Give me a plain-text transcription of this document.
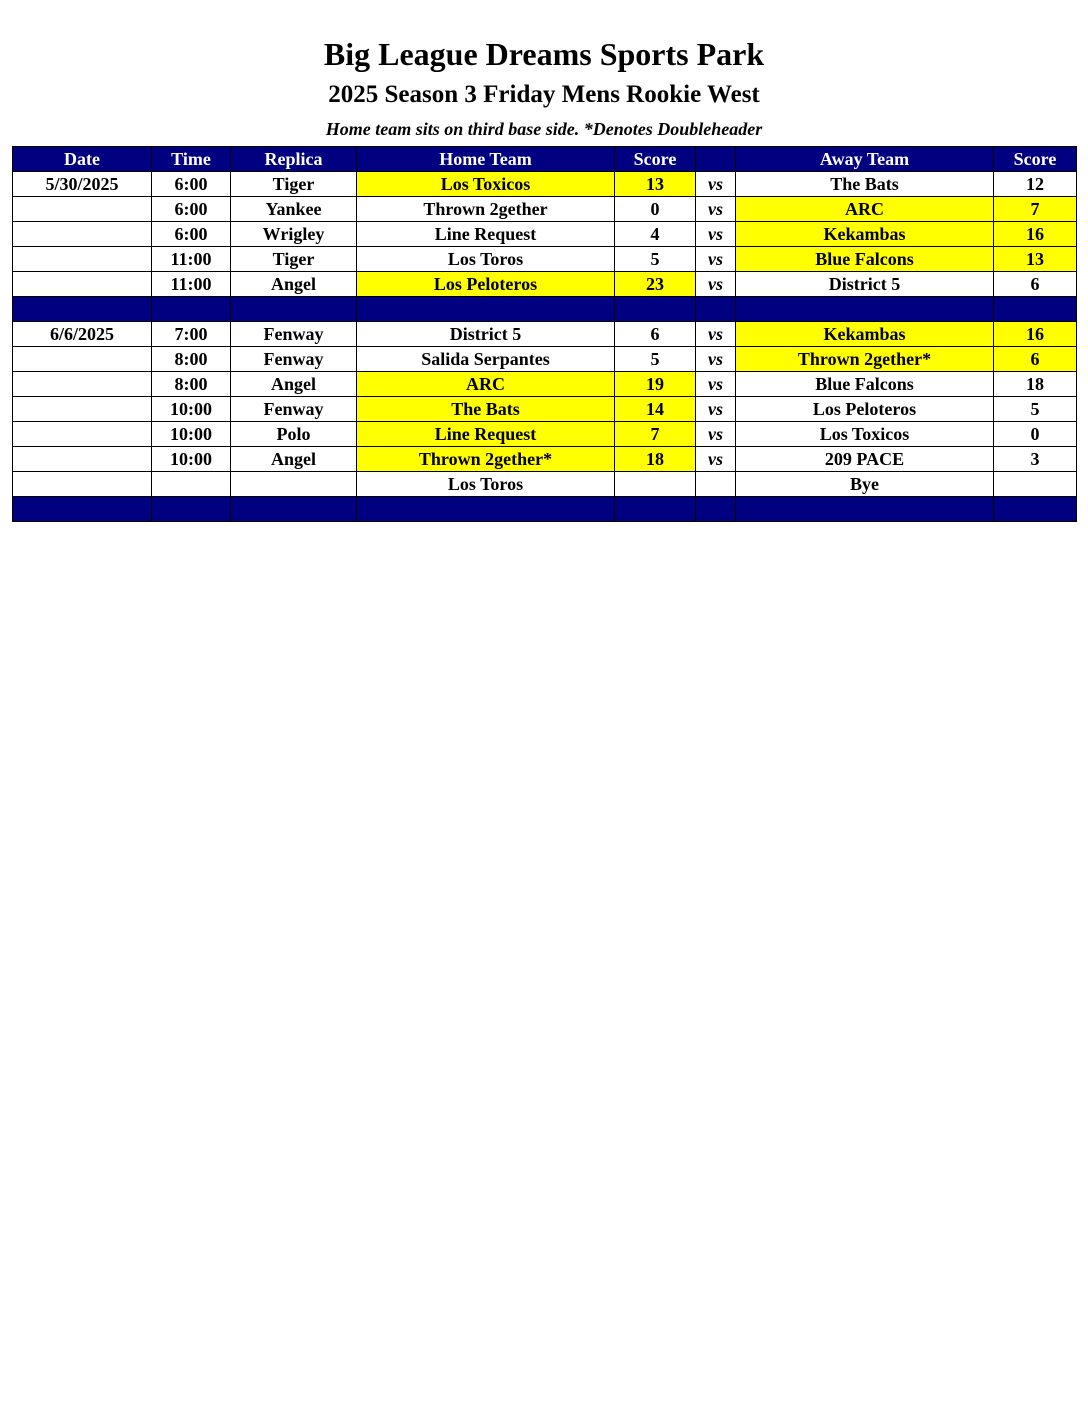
Big League Dreams Sports Park
2025 Season 3 Friday Mens Rookie West
Home team sits on third base side. *Denotes Doubleheader
Date	Time	Replica	Home Team	Score		Away Team	Score
5/30/2025	6:00	Tiger	Los Toxicos	13	vs	The Bats	12
	6:00	Yankee	Thrown 2gether	0	vs	ARC	7
	6:00	Wrigley	Line Request	4	vs	Kekambas	16
	11:00	Tiger	Los Toros	5	vs	Blue Falcons	13
	11:00	Angel	Los Peloteros	23	vs	District 5	6

6/6/2025	7:00	Fenway	District 5	6	vs	Kekambas	16
	8:00	Fenway	Salida Serpantes	5	vs	Thrown 2gether*	6
	8:00	Angel	ARC	19	vs	Blue Falcons	18
	10:00	Fenway	The Bats	14	vs	Los Peloteros	5
	10:00	Polo	Line Request	7	vs	Los Toxicos	0
	10:00	Angel	Thrown 2gether*	18	vs	209 PACE	3
			Los Toros			Bye	
